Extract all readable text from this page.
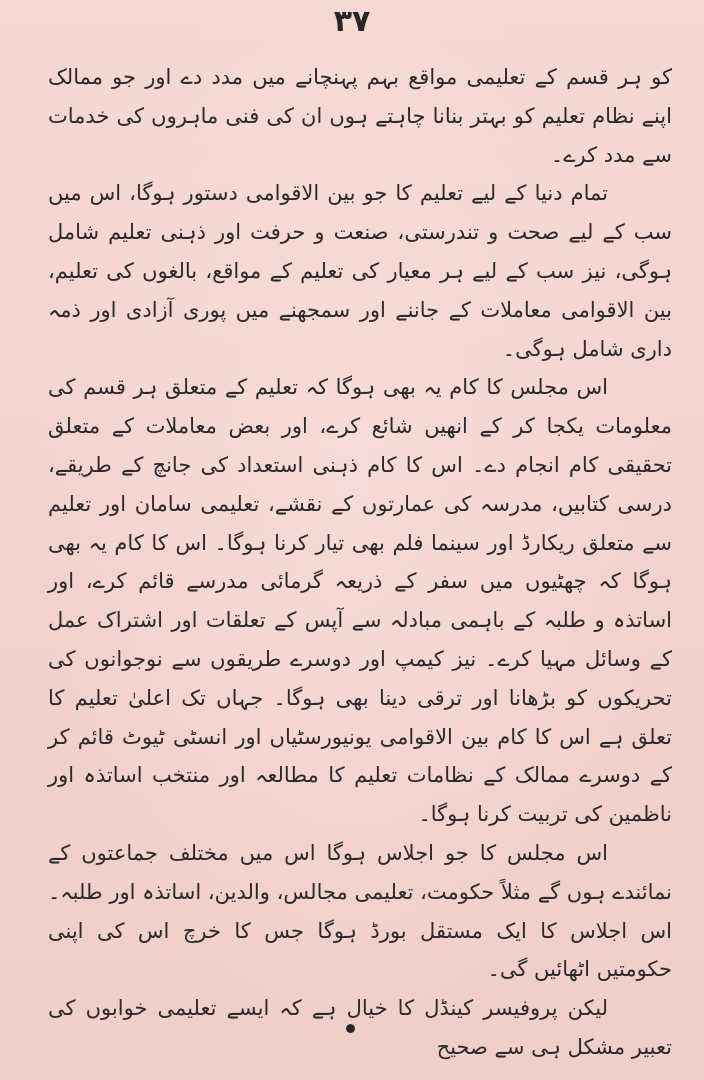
۳۷

کو ہر قسم کے تعلیمی مواقع بہم پہنچانے میں مدد دے اور جو ممالک اپنے نظام تعلیم کو بہتر بنانا چاہتے ہوں ان کی فنی ماہروں کی خدمات سے مدد کرے۔

تمام دنیا کے لیے تعلیم کا جو بین الاقوامی دستور ہوگا، اس میں سب کے لیے صحت و تندرستی، صنعت و حرفت اور ذہنی تعلیم شامل ہوگی، نیز سب کے لیے ہر معیار کی تعلیم کے مواقع، بالغوں کی تعلیم، بین الاقوامی معاملات کے جاننے اور سمجھنے میں پوری آزادی اور ذمہ داری شامل ہوگی۔

اس مجلس کا کام یہ بھی ہوگا کہ تعلیم کے متعلق ہر قسم کی معلومات یکجا کر کے انھیں شائع کرے، اور بعض معاملات کے متعلق تحقیقی کام انجام دے۔ اس کا کام ذہنی استعداد کی جانچ کے طریقے، درسی کتابیں، مدرسہ کی عمارتوں کے نقشے، تعلیمی سامان اور تعلیم سے متعلق ریکارڈ اور سینما فلم بھی تیار کرنا ہوگا۔ اس کا کام یہ بھی ہوگا کہ چھٹیوں میں سفر کے ذریعہ گرمائی مدرسے قائم کرے، اور اساتذہ و طلبہ کے باہمی مبادلہ سے آپس کے تعلقات اور اشتراک عمل کے وسائل مہیا کرے۔ نیز کیمپ اور دوسرے طریقوں سے نوجوانوں کی تحریکوں کو بڑھانا اور ترقی دینا بھی ہوگا۔ جہاں تک اعلیٰ تعلیم کا تعلق ہے اس کا کام بین الاقوامی یونیورسٹیاں اور انسٹی ٹیوٹ قائم کر کے دوسرے ممالک کے نظامات تعلیم کا مطالعہ اور منتخب اساتذہ اور ناظمین کی تربیت کرنا ہوگا۔

اس مجلس کا جو اجلاس ہوگا اس میں مختلف جماعتوں کے نمائندے ہوں گے مثلاً حکومت، تعلیمی مجالس، والدین، اساتذہ اور طلبہ۔ اس اجلاس کا ایک مستقل بورڈ ہوگا جس کا خرچ اس کی اپنی حکومتیں اٹھائیں گی۔

لیکن پروفیسر کینڈل کا خیال ہے کہ ایسے تعلیمی خوابوں کی تعبیر مشکل ہی سے صحیح
